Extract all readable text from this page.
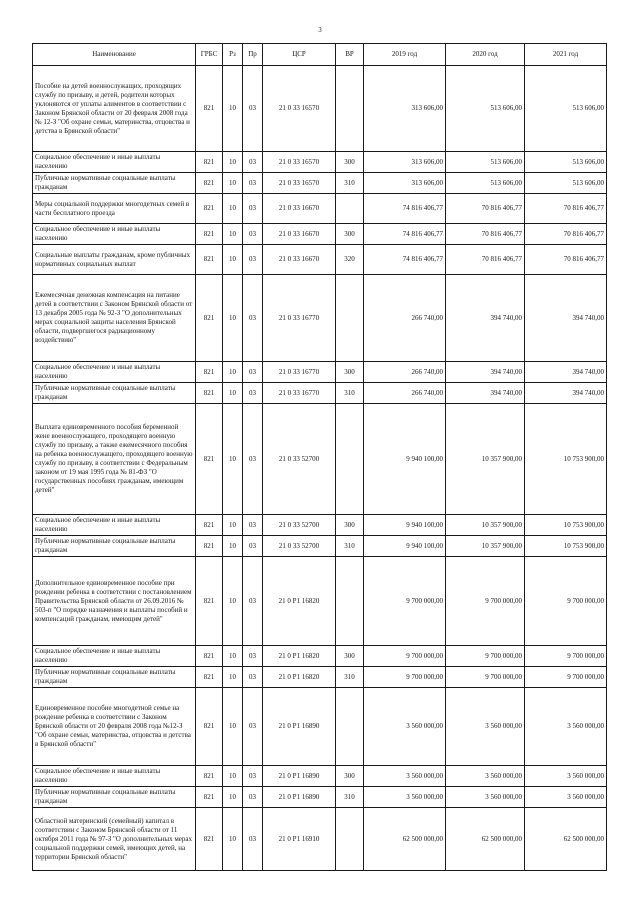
3
Наименование	ГРБС	Рз	Пр	ЦСР	ВР	2019 год	2020 год	2021 год
Пособие на детей военнослужащих, проходящих службу по призыву, и детей, родители которых уклоняются от уплаты алиментов в соответствии с Законом Брянской области от 20 февраля 2008 года № 12-З "Об охране семьи, материнства, отцовства и детства в Брянской области"	821	10	03	21 0 33 16570		313 606,00	513 606,00	513 606,00
Социальное обеспечение и иные выплаты населению	821	10	03	21 0 33 16570	300	313 606,00	513 606,00	513 606,00
Публичные нормативные социальные выплаты гражданам	821	10	03	21 0 33 16570	310	313 606,00	513 606,00	513 606,00
Меры социальной поддержки многодетных семей в части бесплатного проезда	821	10	03	21 0 33 16670		74 816 406,77	70 816 406,77	70 816 406,77
Социальное обеспечение и иные выплаты населению	821	10	03	21 0 33 16670	300	74 816 406,77	70 816 406,77	70 816 406,77
Социальные выплаты гражданам, кроме публичных нормативных социальных выплат	821	10	03	21 0 33 16670	320	74 816 406,77	70 816 406,77	70 816 406,77
Ежемесячная денежная компенсация на питание детей в соответствии с Законом Брянской области от 13 декабря 2005 года № 92-З "О дополнительных мерах социальной защиты населения Брянской области, подвергшегося радиационному воздействию"	821	10	03	21 0 33 16770		266 740,00	394 740,00	394 740,00
Социальное обеспечение и иные выплаты населению	821	10	03	21 0 33 16770	300	266 740,00	394 740,00	394 740,00
Публичные нормативные социальные выплаты гражданам	821	10	03	21 0 33 16770	310	266 740,00	394 740,00	394 740,00
Выплата единовременного пособия беременной жене военнослужащего, проходящего военную службу по призыву, а также ежемесячного пособия на ребенка военнослужащего, проходящего военную службу по призыву, в соответствии с Федеральным законом от 19 мая 1995 года № 81-ФЗ "О государственных пособиях гражданам, имеющим детей"	821	10	03	21 0 33 52700		9 940 100,00	10 357 900,00	10 753 900,00
Социальное обеспечение и иные выплаты населению	821	10	03	21 0 33 52700	300	9 940 100,00	10 357 900,00	10 753 900,00
Публичные нормативные социальные выплаты гражданам	821	10	03	21 0 33 52700	310	9 940 100,00	10 357 900,00	10 753 900,00
Дополнительное единовременное пособие при рождении ребенка в соответствии с постановлением Правительства Брянской области от 26.09.2016 № 503-п "О порядке назначения и выплаты пособий и компенсаций гражданам, имеющим детей"	821	10	03	21 0 P1 16820		9 700 000,00	9 700 000,00	9 700 000,00
Социальное обеспечение и иные выплаты населению	821	10	03	21 0 P1 16820	300	9 700 000,00	9 700 000,00	9 700 000,00
Публичные нормативные социальные выплаты гражданам	821	10	03	21 0 P1 16820	310	9 700 000,00	9 700 000,00	9 700 000,00
Единовременное пособие многодетной семье на рождение ребенка в соответствии с Законом Брянской области от 20 февраля 2008 года №12-З "Об охране семьи, материнства, отцовства и детства в Брянской области"	821	10	03	21 0 P1 16890		3 560 000,00	3 560 000,00	3 560 000,00
Социальное обеспечение и иные выплаты населению	821	10	03	21 0 P1 16890	300	3 560 000,00	3 560 000,00	3 560 000,00
Публичные нормативные социальные выплаты гражданам	821	10	03	21 0 P1 16890	310	3 560 000,00	3 560 000,00	3 560 000,00
Областной материнский (семейный) капитал в соответствии с Законом Брянской области от 11 октября 2011 года № 97-З "О дополнительных мерах социальной поддержки семей, имеющих детей, на территории Брянской области"	821	10	03	21 0 P1 16910		62 500 000,00	62 500 000,00	62 500 000,00
